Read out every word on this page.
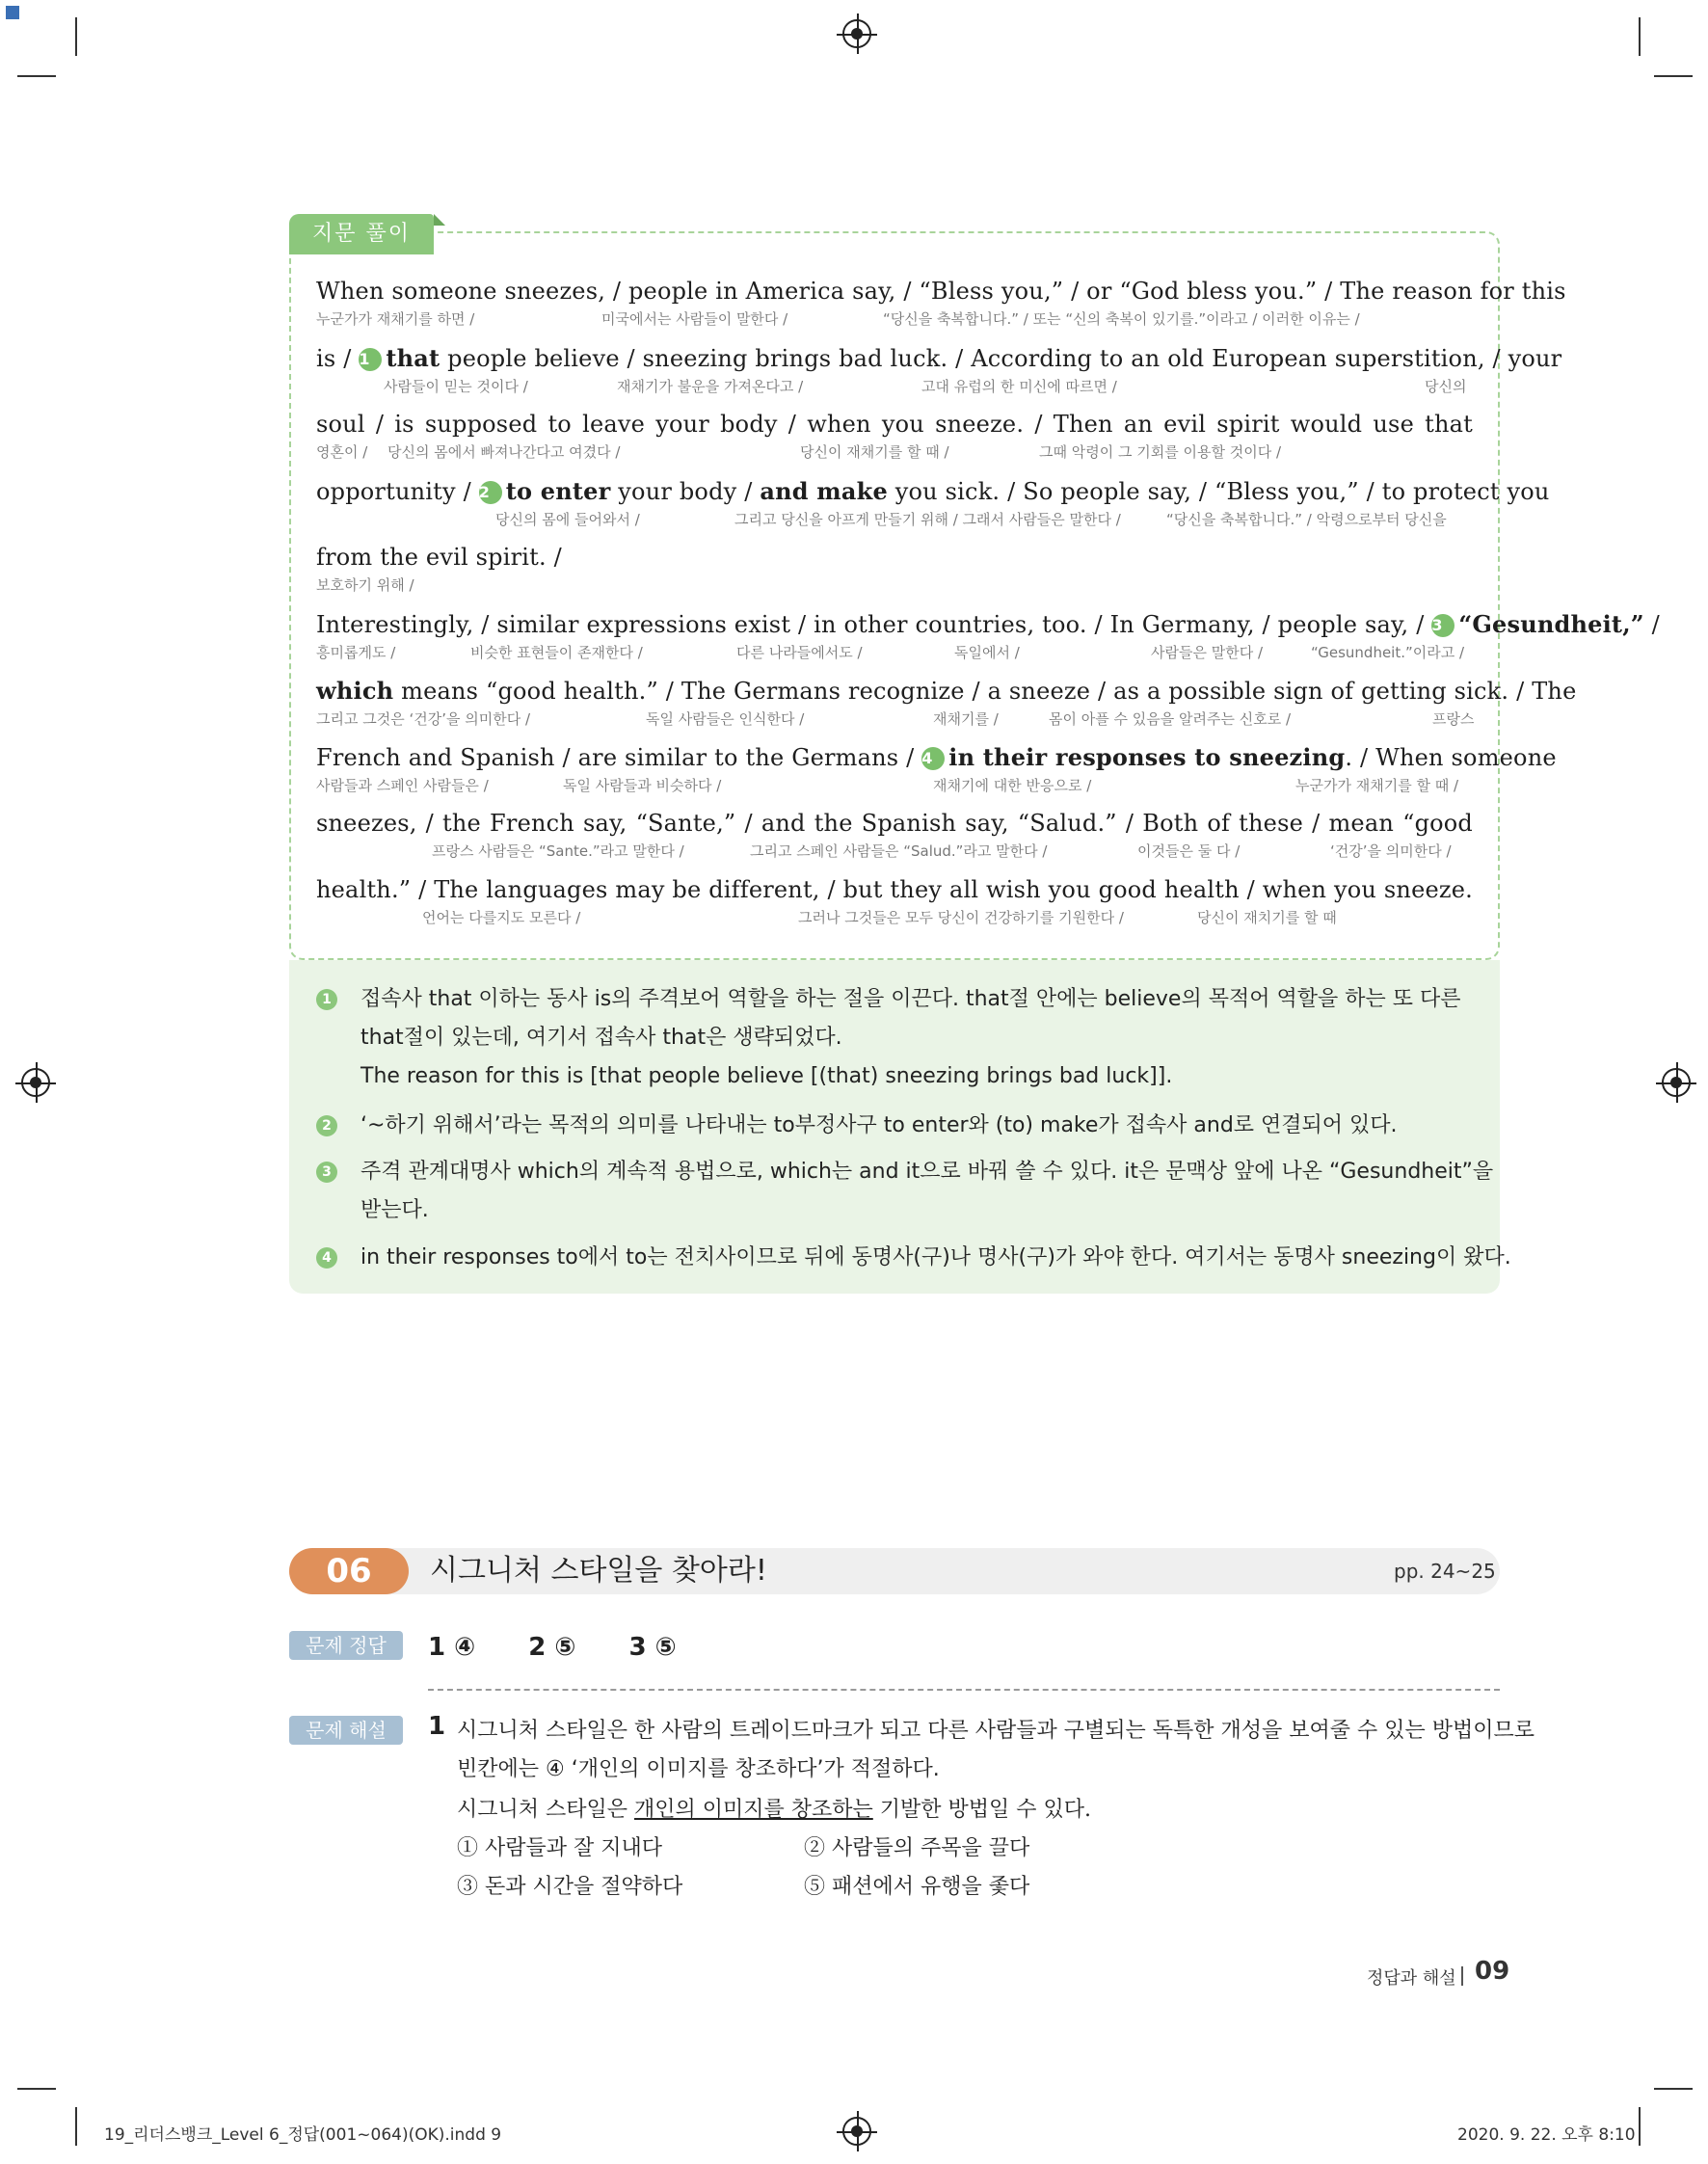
지문 풀이
When someone sneezes, / people in America say, / “Bless you,” / or “God bless you.” / The reason for this
누군가가 재채기를 하면 /	미국에서는 사람들이 말한다 /	“당신을 축복합니다.” / 또는 “신의 축복이 있기를.”이라고 / 이러한 이유는 /
is / 1 that people believe / sneezing brings bad luck. / According to an old European superstition, / your
사람들이 믿는 것이다 /	재채기가 불운을 가져온다고 /	고대 유럽의 한 미신에 따르면 /	당신의
soul / is supposed to leave your body / when you sneeze. / Then an evil spirit would use that
영혼이 / 당신의 몸에서 빠져나간다고 여겼다 /	당신이 재채기를 할 때 /	그때 악령이 그 기회를 이용할 것이다 /
opportunity / 2 to enter your body / and make you sick. / So people say, / “Bless you,” / to protect you
당신의 몸에 들어와서 /	그리고 당신을 아프게 만들기 위해 / 그래서 사람들은 말한다 /	“당신을 축복합니다.” / 악령으로부터 당신을
from the evil spirit. /
보호하기 위해 /
Interestingly, / similar expressions exist / in other countries, too. / In Germany, / people say, / 3 “Gesundheit,” /
흥미롭게도 /	비슷한 표현들이 존재한다 /	다른 나라들에서도 /	독일에서 /	사람들은 말한다 /	“Gesundheit.”이라고 /
which means “good health.” / The Germans recognize / a sneeze / as a possible sign of getting sick. / The
그리고 그것은 ‘건강’을 의미한다 /	독일 사람들은 인식한다 /	재채기를 /	몸이 아플 수 있음을 알려주는 신호로 /	프랑스
French and Spanish / are similar to the Germans / 4 in their responses to sneezing. / When someone
사람들과 스페인 사람들은 /	독일 사람들과 비슷하다 /	재채기에 대한 반응으로 /	누군가가 재채기를 할 때 /
sneezes, / the French say, “Sante,” / and the Spanish say, “Salud.” / Both of these / mean “good
프랑스 사람들은 “Sante.”라고 말한다 /	그리고 스페인 사람들은 “Salud.”라고 말한다 /	이것들은 둘 다 /	‘건강’을 의미한다 /
health.” / The languages may be different, / but they all wish you good health / when you sneeze.
언어는 다를지도 모른다 /	그러나 그것들은 모두 당신이 건강하기를 기원한다 /	당신이 재치기를 할 때
1 접속사 that 이하는 동사 is의 주격보어 역할을 하는 절을 이끈다. that절 안에는 believe의 목적어 역할을 하는 또 다른
that절이 있는데, 여기서 접속사 that은 생략되었다.
The reason for this is [that people believe [(that) sneezing brings bad luck]].
2 ‘~하기 위해서’라는 목적의 의미를 나타내는 to부정사구 to enter와 (to) make가 접속사 and로 연결되어 있다.
3 주격 관계대명사 which의 계속적 용법으로, which는 and it으로 바꿔 쓸 수 있다. it은 문맥상 앞에 나온 “Gesundheit”을
받는다.
4 in their responses to에서 to는 전치사이므로 뒤에 동명사(구)나 명사(구)가 와야 한다. 여기서는 동명사 sneezing이 왔다.
06	시그니처 스타일을 찾아라!	pp. 24~25
문제 정답	1 ④ 2 ⑤ 3 ⑤
문제 해설	1 시그니처 스타일은 한 사람의 트레이드마크가 되고 다른 사람들과 구별되는 독특한 개성을 보여줄 수 있는 방법이므로
빈칸에는 ④ ‘개인의 이미지를 창조하다’가 적절하다.
시그니처 스타일은 개인의 이미지를 창조하는 기발한 방법일 수 있다.
① 사람들과 잘 지내다	② 사람들의 주목을 끌다
③ 돈과 시간을 절약하다	⑤ 패션에서 유행을 좇다
정답과 해설 09
19_리더스뱅크_Level 6_정답(001~064)(OK).indd 9	2020. 9. 22. 오후 8:10
